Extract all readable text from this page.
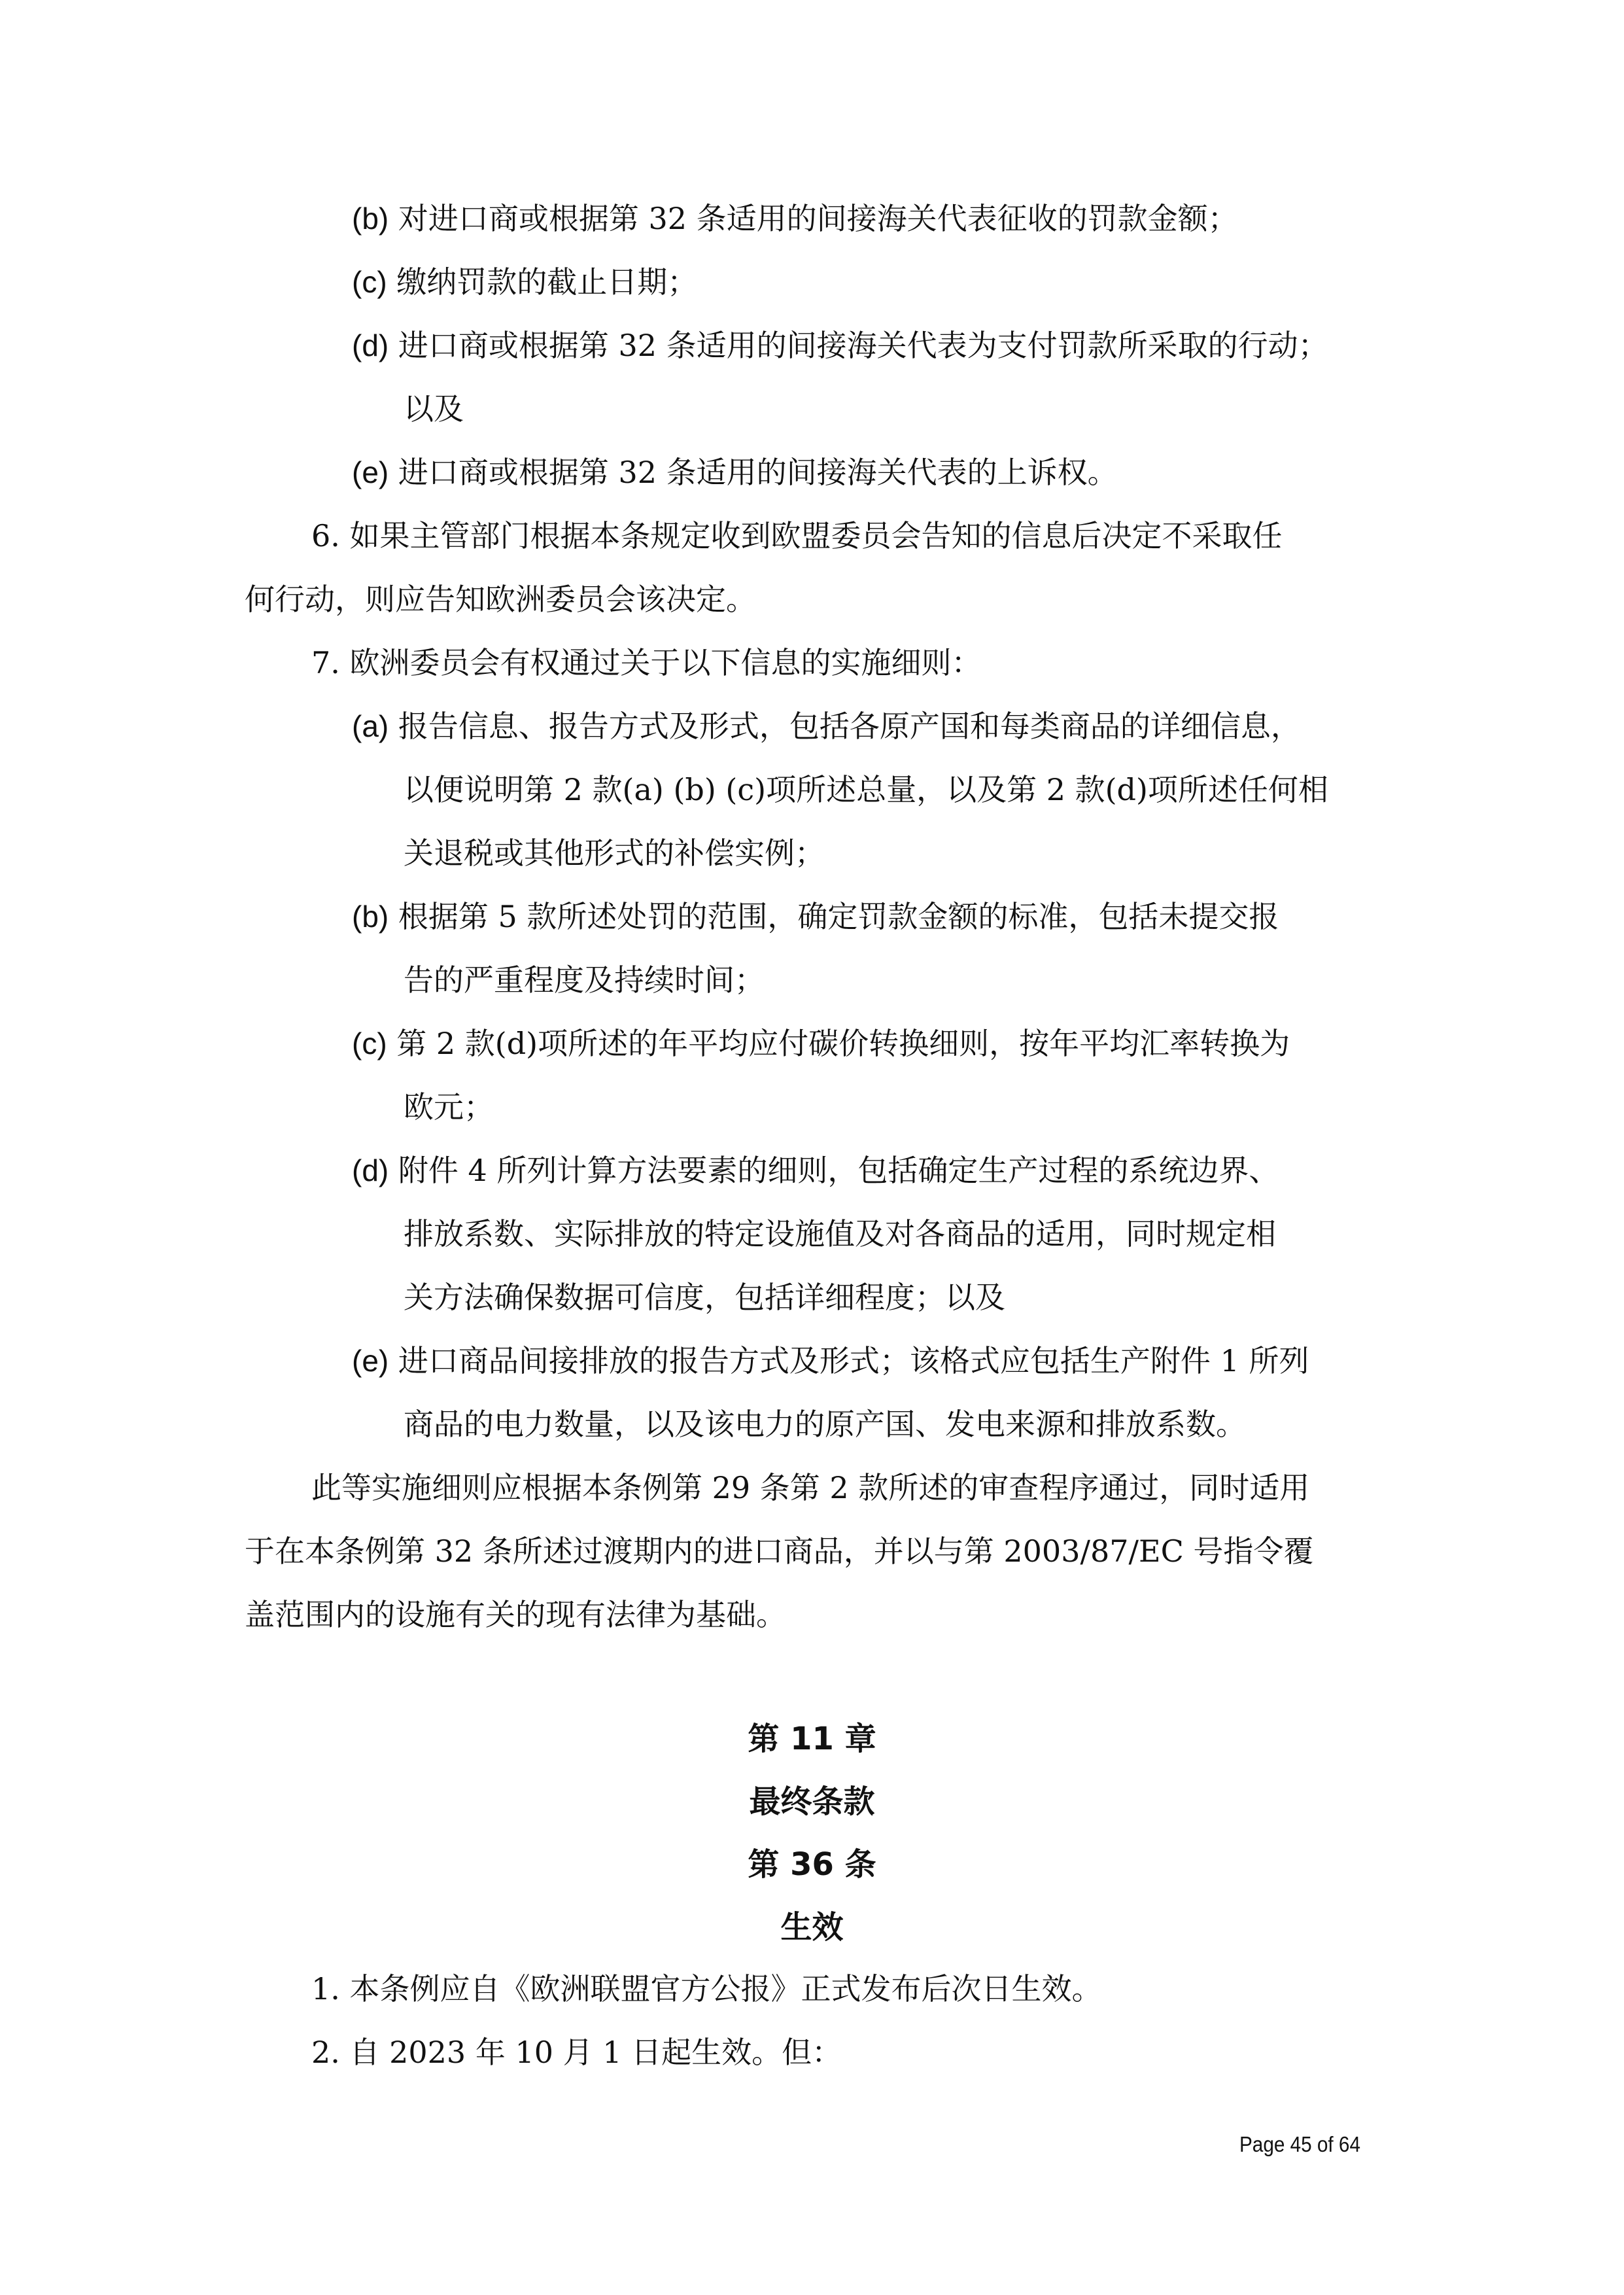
(b) 对进口商或根据第 32 条适用的间接海关代表征收的罚款金额；
(c) 缴纳罚款的截止日期；
(d) 进口商或根据第 32 条适用的间接海关代表为支付罚款所采取的行动；
以及
(e) 进口商或根据第 32 条适用的间接海关代表的上诉权。
6. 如果主管部门根据本条规定收到欧盟委员会告知的信息后决定不采取任
何行动，则应告知欧洲委员会该决定。
7. 欧洲委员会有权通过关于以下信息的实施细则：
(a) 报告信息、报告方式及形式，包括各原产国和每类商品的详细信息，
以便说明第 2 款(a) (b) (c)项所述总量，以及第 2 款(d)项所述任何相
关退税或其他形式的补偿实例；
(b) 根据第 5 款所述处罚的范围，确定罚款金额的标准，包括未提交报
告的严重程度及持续时间；
(c) 第 2 款(d)项所述的年平均应付碳价转换细则，按年平均汇率转换为
欧元；
(d) 附件 4 所列计算方法要素的细则，包括确定生产过程的系统边界、
排放系数、实际排放的特定设施值及对各商品的适用，同时规定相
关方法确保数据可信度，包括详细程度；以及
(e) 进口商品间接排放的报告方式及形式；该格式应包括生产附件 1 所列
商品的电力数量，以及该电力的原产国、发电来源和排放系数。
此等实施细则应根据本条例第 29 条第 2 款所述的审查程序通过，同时适用
于在本条例第 32 条所述过渡期内的进口商品，并以与第 2003/87/EC 号指令覆
盖范围内的设施有关的现有法律为基础。
第 11 章
最终条款
第 36 条
生效
1. 本条例应自《欧洲联盟官方公报》正式发布后次日生效。
2. 自 2023 年 10 月 1 日起生效。但：
Page 45 of 64
